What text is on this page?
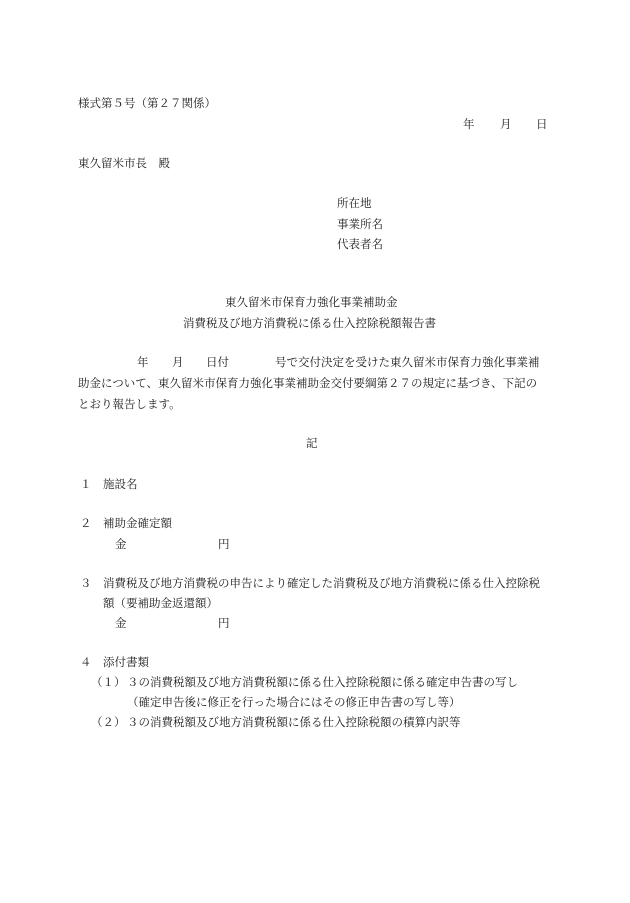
様式第５号（第２７関係）
年 月 日
東久留米市長　殿
所在地
事業所名
代表者名
東久留米市保育力強化事業補助金
消費税及び地方消費税に係る仕入控除税額報告書
年 月 日付	号で交付決定を受けた東久留米市保育力強化事業補
助金について、東久留米市保育力強化事業補助金交付要綱第２７の規定に基づき、下記の
とおり報告します。
記
１ 施設名
２ 補助金確定額
金	円
３ 消費税及び地方消費税の申告により確定した消費税及び地方消費税に係る仕入控除税
額（要補助金返還額）
金	円
４ 添付書類
（１） ３の消費税額及び地方消費税額に係る仕入控除税額に係る確定申告書の写し
（確定申告後に修正を行った場合にはその修正申告書の写し等）
（２） ３の消費税額及び地方消費税額に係る仕入控除税額の積算内訳等
